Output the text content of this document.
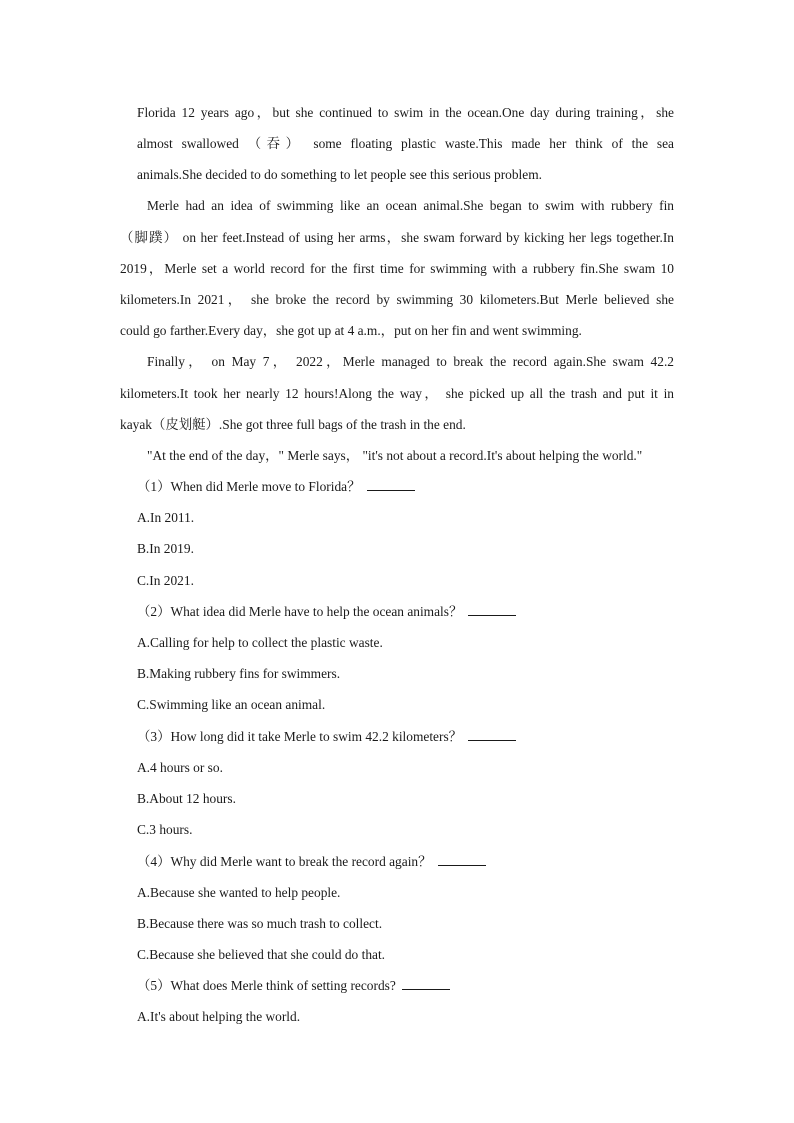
Florida 12 years ago，but she continued to swim in the ocean.One day during training，she
almost swallowed （吞） some floating plastic waste.This made her think of the sea
animals.She decided to do something to let people see this serious problem.
Merle had an idea of swimming like an ocean animal.She began to swim with rubbery fin
（脚蹼） on her feet.Instead of using her arms，she swam forward by kicking her legs together.In
2019，Merle set a world record for the first time for swimming with a rubbery fin.She swam 10
kilometers.In 2021， she broke the record by swimming 30 kilometers.But Merle believed she
could go farther.Every day，she got up at 4 a.m.，put on her fin and went swimming.
Finally， on May 7， 2022，Merle managed to break the record again.She swam 42.2
kilometers.It took her nearly 12 hours!Along the way， she picked up all the trash and put it in
kayak（皮划艇）.She got three full bags of the trash in the end.
"At the end of the day，" Merle says， "it's not about a record.It's about helping the world."
（1）When did Merle move to Florida？
A.In 2011.
B.In 2019.
C.In 2021.
（2）What idea did Merle have to help the ocean animals？
A.Calling for help to collect the plastic waste.
B.Making rubbery fins for swimmers.
C.Swimming like an ocean animal.
（3）How long did it take Merle to swim 42.2 kilometers？
A.4 hours or so.
B.About 12 hours.
C.3 hours.
（4）Why did Merle want to break the record again？
A.Because she wanted to help people.
B.Because there was so much trash to collect.
C.Because she believed that she could do that.
（5）What does Merle think of setting records?
A.It's about helping the world.
